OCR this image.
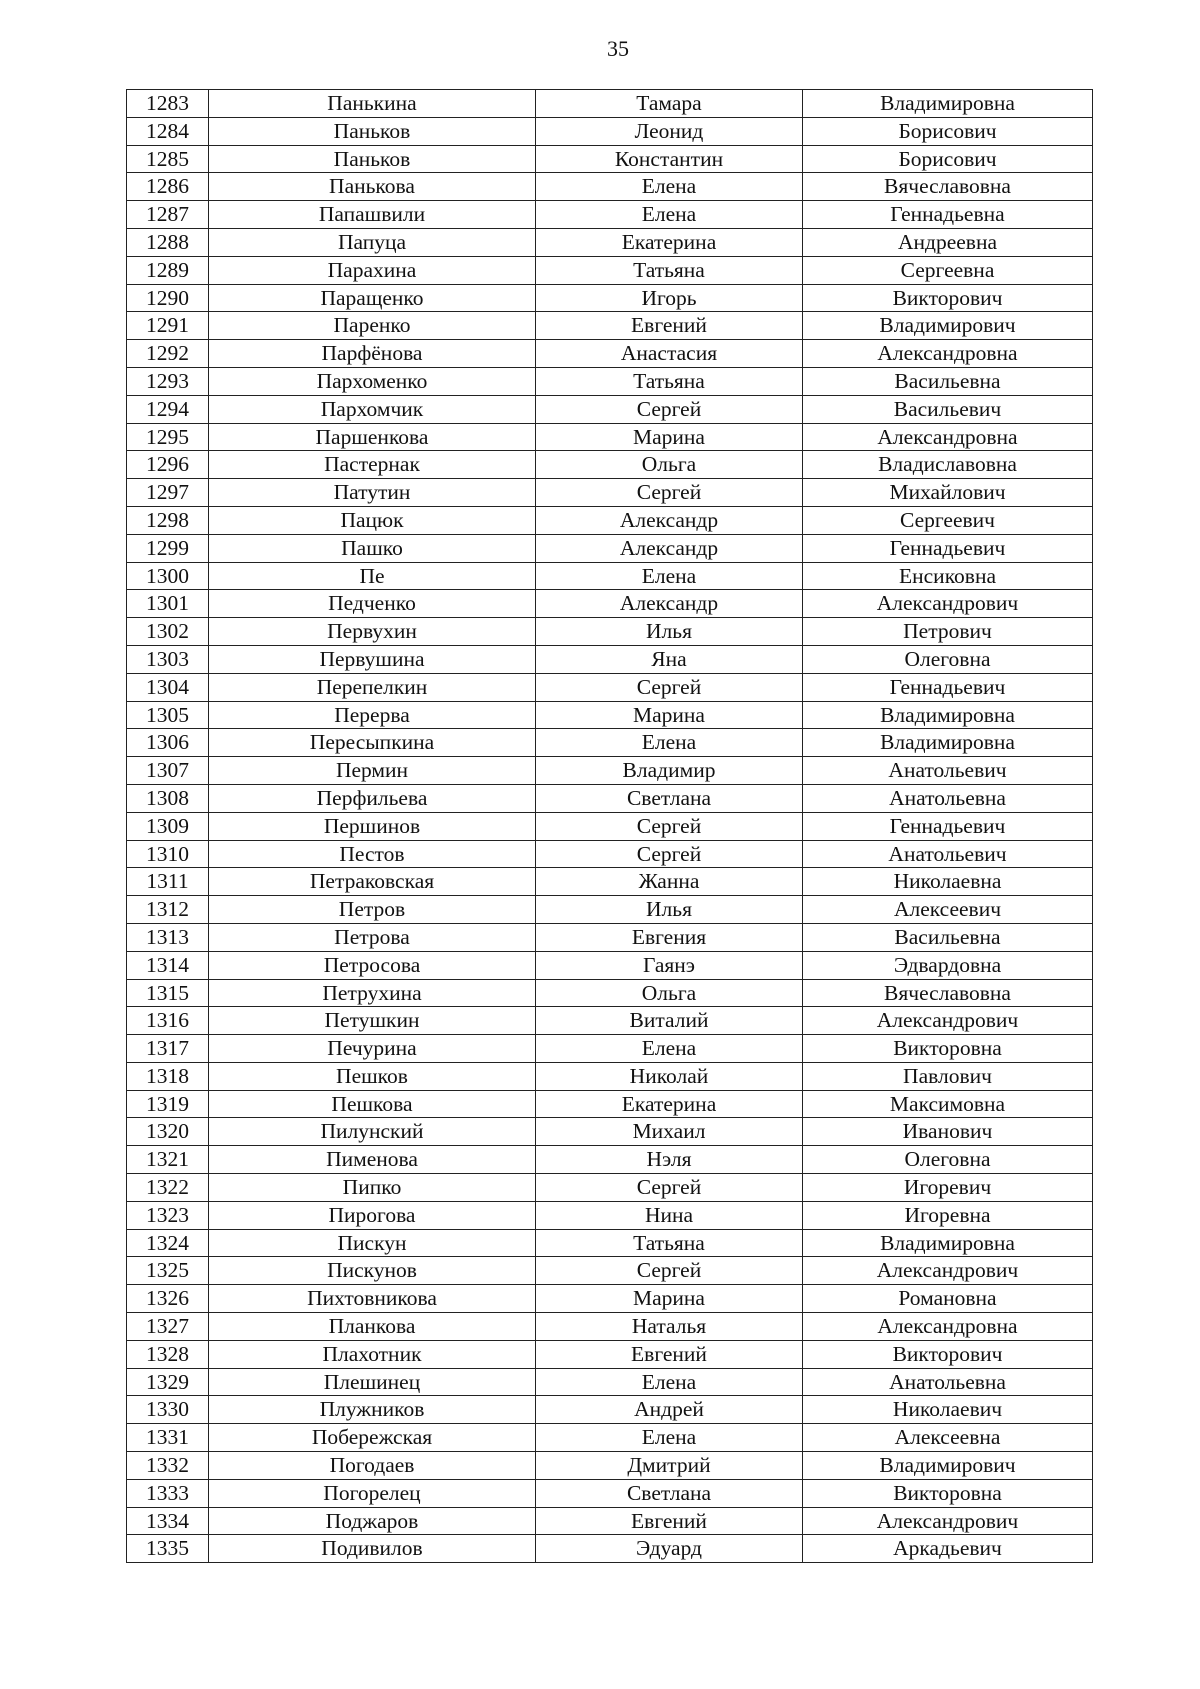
35
1283	Панькина	Тамара	Владимировна
1284	Паньков	Леонид	Борисович
1285	Паньков	Константин	Борисович
1286	Панькова	Елена	Вячеславовна
1287	Папашвили	Елена	Геннадьевна
1288	Папуца	Екатерина	Андреевна
1289	Парахина	Татьяна	Сергеевна
1290	Паращенко	Игорь	Викторович
1291	Паренко	Евгений	Владимирович
1292	Парфёнова	Анастасия	Александровна
1293	Пархоменко	Татьяна	Васильевна
1294	Пархомчик	Сергей	Васильевич
1295	Паршенкова	Марина	Александровна
1296	Пастернак	Ольга	Владиславовна
1297	Патутин	Сергей	Михайлович
1298	Пацюк	Александр	Сергеевич
1299	Пашко	Александр	Геннадьевич
1300	Пе	Елена	Енсиковна
1301	Педченко	Александр	Александрович
1302	Первухин	Илья	Петрович
1303	Первушина	Яна	Олеговна
1304	Перепелкин	Сергей	Геннадьевич
1305	Перерва	Марина	Владимировна
1306	Пересыпкина	Елена	Владимировна
1307	Пермин	Владимир	Анатольевич
1308	Перфильева	Светлана	Анатольевна
1309	Першинов	Сергей	Геннадьевич
1310	Пестов	Сергей	Анатольевич
1311	Петраковская	Жанна	Николаевна
1312	Петров	Илья	Алексеевич
1313	Петрова	Евгения	Васильевна
1314	Петросова	Гаянэ	Эдвардовна
1315	Петрухина	Ольга	Вячеславовна
1316	Петушкин	Виталий	Александрович
1317	Печурина	Елена	Викторовна
1318	Пешков	Николай	Павлович
1319	Пешкова	Екатерина	Максимовна
1320	Пилунский	Михаил	Иванович
1321	Пименова	Нэля	Олеговна
1322	Пипко	Сергей	Игоревич
1323	Пирогова	Нина	Игоревна
1324	Пискун	Татьяна	Владимировна
1325	Пискунов	Сергей	Александрович
1326	Пихтовникова	Марина	Романовна
1327	Планкова	Наталья	Александровна
1328	Плахотник	Евгений	Викторович
1329	Плешинец	Елена	Анатольевна
1330	Плужников	Андрей	Николаевич
1331	Побережская	Елена	Алексеевна
1332	Погодаев	Дмитрий	Владимирович
1333	Погорелец	Светлана	Викторовна
1334	Поджаров	Евгений	Александрович
1335	Подивилов	Эдуард	Аркадьевич
